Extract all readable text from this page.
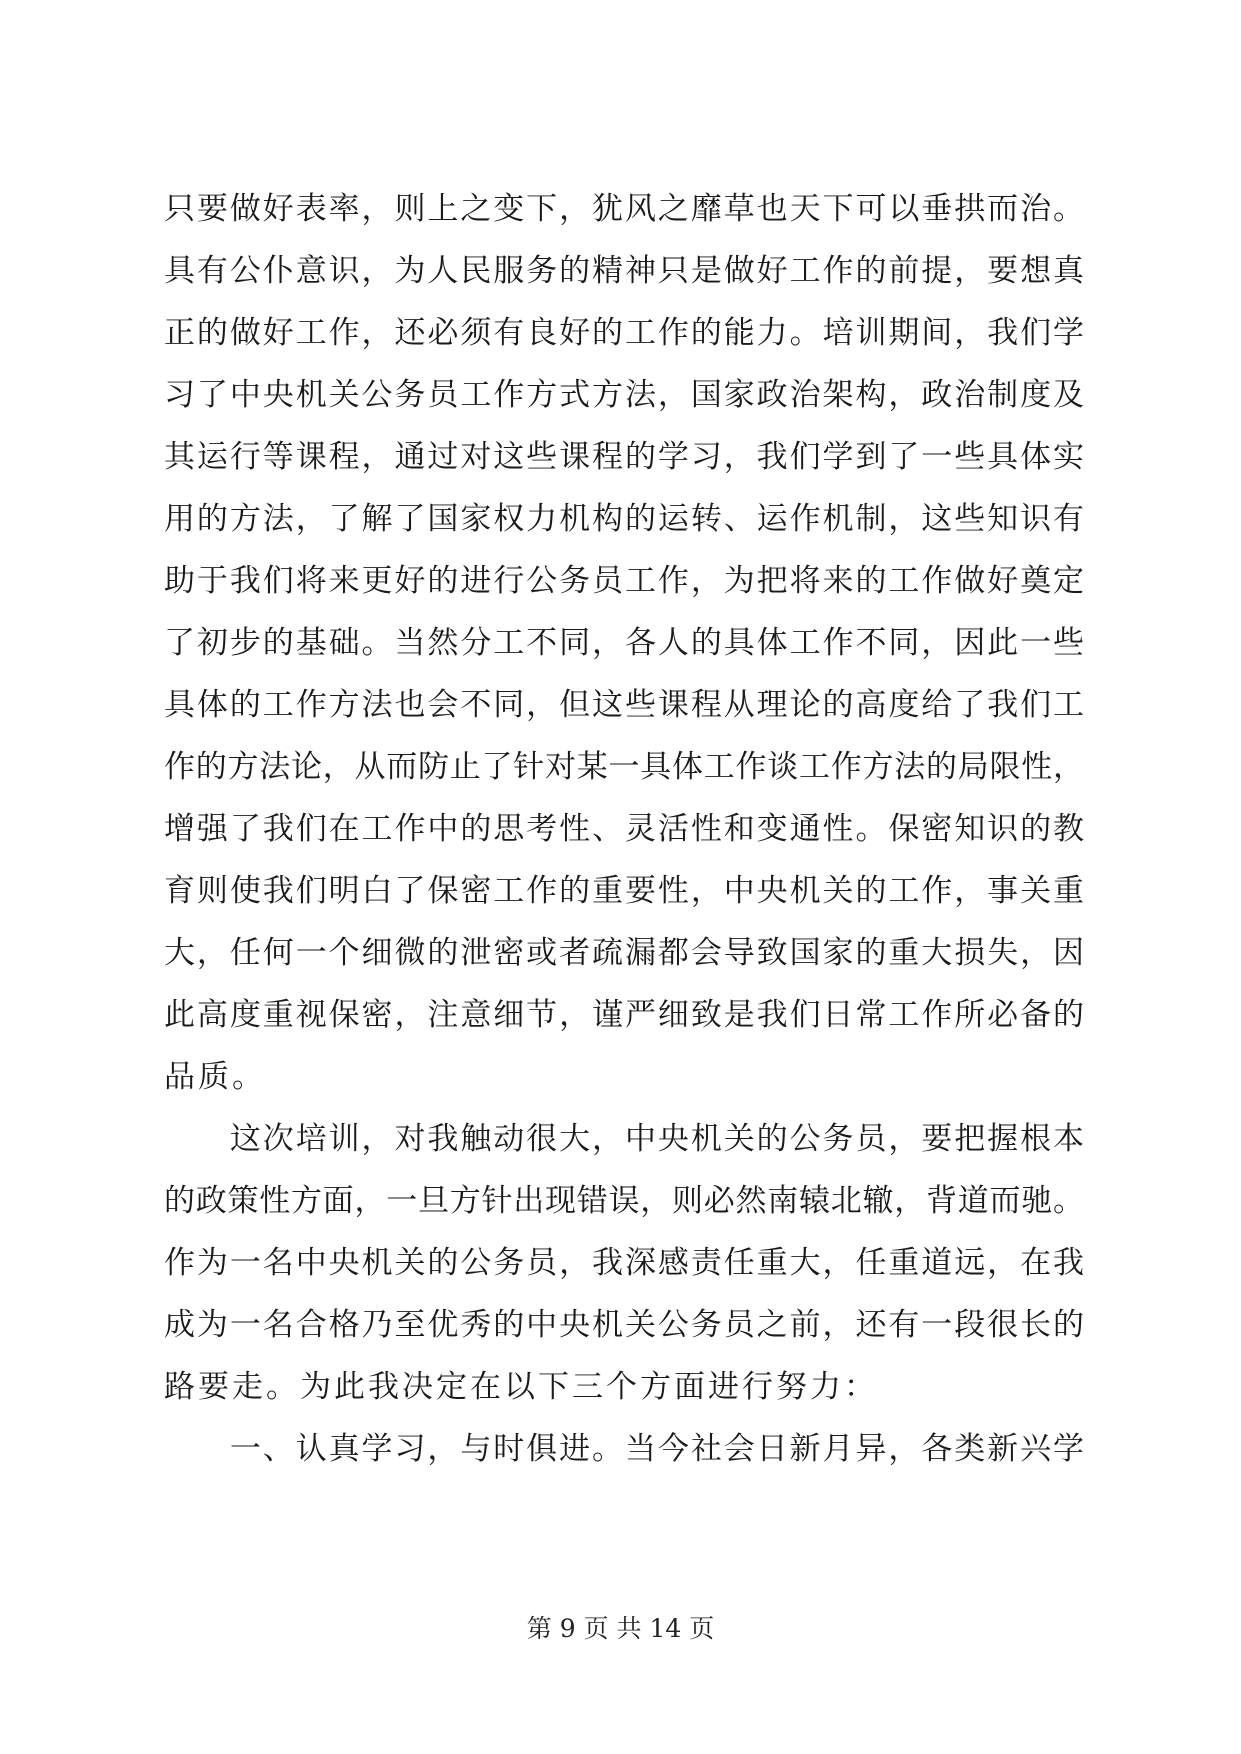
只要做好表率，则上之变下，犹风之靡草也天下可以垂拱而治。
具有公仆意识，为人民服务的精神只是做好工作的前提，要想真
正的做好工作，还必须有良好的工作的能力。培训期间，我们学
习了中央机关公务员工作方式方法，国家政治架构，政治制度及
其运行等课程，通过对这些课程的学习，我们学到了一些具体实
用的方法，了解了国家权力机构的运转、运作机制，这些知识有
助于我们将来更好的进行公务员工作，为把将来的工作做好奠定
了初步的基础。当然分工不同，各人的具体工作不同，因此一些
具体的工作方法也会不同，但这些课程从理论的高度给了我们工
作的方法论，从而防止了针对某一具体工作谈工作方法的局限性，
增强了我们在工作中的思考性、灵活性和变通性。保密知识的教
育则使我们明白了保密工作的重要性，中央机关的工作，事关重
大，任何一个细微的泄密或者疏漏都会导致国家的重大损失，因
此高度重视保密，注意细节，谨严细致是我们日常工作所必备的
品质。
　　这次培训，对我触动很大，中央机关的公务员，要把握根本
的政策性方面，一旦方针出现错误，则必然南辕北辙，背道而驰。
作为一名中央机关的公务员，我深感责任重大，任重道远，在我
成为一名合格乃至优秀的中央机关公务员之前，还有一段很长的
路要走。为此我决定在以下三个方面进行努力：
　　一、认真学习，与时俱进。当今社会日新月异，各类新兴学
第 9 页 共 14 页
